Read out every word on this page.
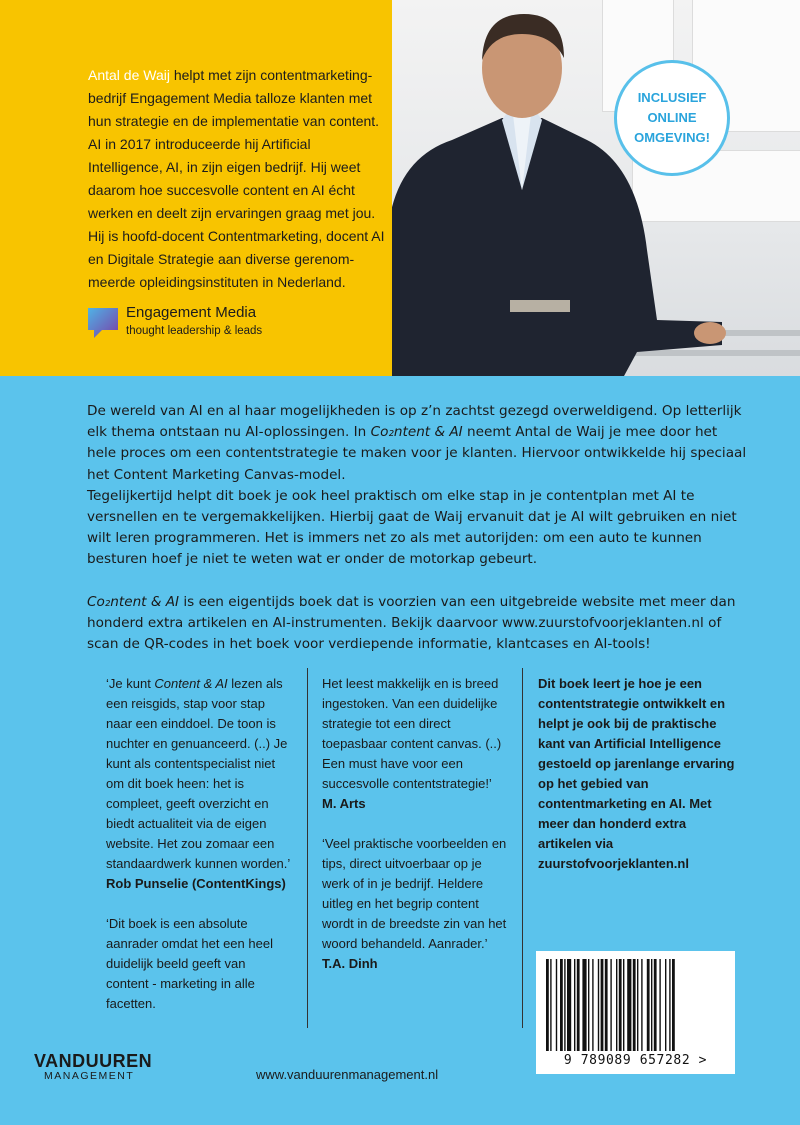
Antal de Waij helpt met zijn contentmarketing-bedrijf Engagement Media talloze klanten met hun strategie en de implementatie van content. AI in 2017 introduceerde hij Artificial Intelligence, AI, in zijn eigen bedrijf. Hij weet daarom hoe succesvolle content en AI écht werken en deelt zijn ervaringen graag met jou. Hij is hoofd-docent Contentmarketing, docent AI en Digitale Strategie aan diverse gerenom-meerde opleidingsinstituten in Nederland.
Engagement Media
thought leadership & leads
INCLUSIEF
ONLINE
OMGEVING!

De wereld van AI en al haar mogelijkheden is op z’n zachtst gezegd overweldigend. Op letterlijk elk thema ontstaan nu AI-oplossingen. In Co₂ntent & AI neemt Antal de Waij je mee door het hele proces om een contentstrategie te maken voor je klanten. Hiervoor ontwikkelde hij speciaal het Content Marketing Canvas-model.
Tegelijkertijd helpt dit boek je ook heel praktisch om elke stap in je contentplan met AI te versnellen en te vergemakkelijken. Hierbij gaat de Waij ervanuit dat je AI wilt gebruiken en niet wilt leren programmeren. Het is immers net zo als met autorijden: om een auto te kunnen besturen hoef je niet te weten wat er onder de motorkap gebeurt.

Co₂ntent & AI is een eigentijds boek dat is voorzien van een uitgebreide website met meer dan honderd extra artikelen en AI-instrumenten. Bekijk daarvoor www.zuurstofvoorjeklanten.nl of scan de QR-codes in het boek voor verdiepende informatie, klantcases en AI-tools!

‘Je kunt Content & AI lezen als een reisgids, stap voor stap naar een einddoel. De toon is nuchter en genuanceerd. (..) Je kunt als contentspecialist niet om dit boek heen: het is compleet, geeft overzicht en biedt actualiteit via de eigen website. Het zou zomaar een standaardwerk kunnen worden.’
Rob Punselie (ContentKings)

‘Dit boek is een absolute aanrader omdat het een heel duidelijk beeld geeft van content - marketing in alle facetten.

Het leest makkelijk en is breed ingestoken. Van een duidelijke strategie tot een direct toepasbaar content canvas. (..) Een must have voor een succesvolle contentstrategie!’
M. Arts

‘Veel praktische voorbeelden en tips, direct uitvoerbaar op je werk of in je bedrijf. Heldere uitleg en het begrip content wordt in de breedste zin van het woord behandeld. Aanrader.’
T.A. Dinh

Dit boek leert je hoe je een contentstrategie ontwikkelt en helpt je ook bij de praktische kant van Artificial Intelligence gestoeld op jarenlange ervaring op het gebied van contentmarketing en AI. Met meer dan honderd extra artikelen via zuurstofvoorjeklanten.nl
9 789089 657282 >
VANDUUREN
MANAGEMENT	www.vanduurenmanagement.nl
